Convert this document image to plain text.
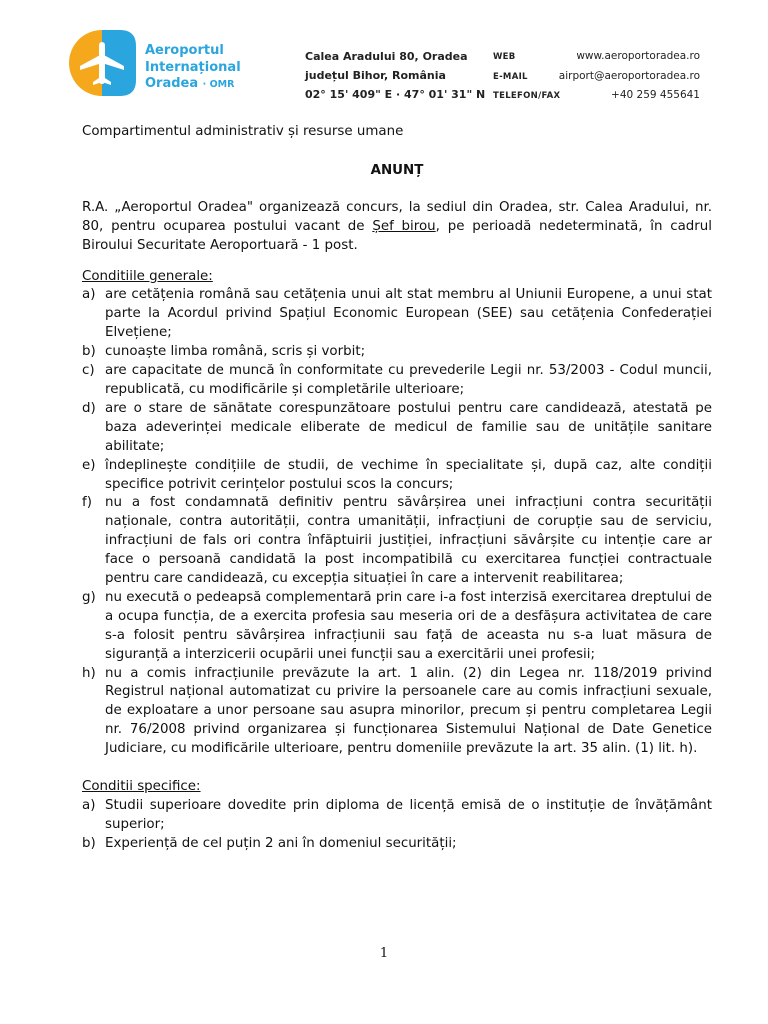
Aeroportul
Internațional
Oradea · OMR
Calea Aradului 80, Oradea
județul Bihor, România
02° 15' 409" E · 47° 01' 31" N
WEB
E-MAIL
TELEFON/FAX
www.aeroportoradea.ro
airport@aeroportoradea.ro
+40 259 455641

Compartimentul administrativ și resurse umane

ANUNȚ

R.A. „Aeroportul Oradea" organizează concurs, la sediul din Oradea, str. Calea Aradului, nr. 80, pentru ocuparea postului vacant de Șef birou, pe perioadă nedeterminată, în cadrul Biroului Securitate Aeroportuară - 1 post.

Conditiile generale:

a) are cetățenia română sau cetățenia unui alt stat membru al Uniunii Europene, a unui stat parte la Acordul privind Spațiul Economic European (SEE) sau cetățenia Confederației Elvețiene;
b) cunoaște limba română, scris și vorbit;
c) are capacitate de muncă în conformitate cu prevederile Legii nr. 53/2003 - Codul muncii, republicată, cu modificările și completările ulterioare;
d) are o stare de sănătate corespunzătoare postului pentru care candidează, atestată pe baza adeverinței medicale eliberate de medicul de familie sau de unitățile sanitare abilitate;
e) îndeplinește condițiile de studii, de vechime în specialitate și, după caz, alte condiții specifice potrivit cerințelor postului scos la concurs;
f) nu a fost condamnată definitiv pentru săvârșirea unei infracțiuni contra securității naționale, contra autorității, contra umanității, infracțiuni de corupție sau de serviciu, infracțiuni de fals ori contra înfăptuirii justiției, infracțiuni săvârșite cu intenție care ar face o persoană candidată la post incompatibilă cu exercitarea funcției contractuale pentru care candidează, cu excepția situației în care a intervenit reabilitarea;
g) nu execută o pedeapsă complementară prin care i-a fost interzisă exercitarea dreptului de a ocupa funcția, de a exercita profesia sau meseria ori de a desfășura activitatea de care s-a folosit pentru săvârșirea infracțiunii sau față de aceasta nu s-a luat măsura de siguranță a interzicerii ocupării unei funcții sau a exercitării unei profesii;
h) nu a comis infracțiunile prevăzute la art. 1 alin. (2) din Legea nr. 118/2019 privind Registrul național automatizat cu privire la persoanele care au comis infracțiuni sexuale, de exploatare a unor persoane sau asupra minorilor, precum și pentru completarea Legii nr. 76/2008 privind organizarea și funcționarea Sistemului Național de Date Genetice Judiciare, cu modificările ulterioare, pentru domeniile prevăzute la art. 35 alin. (1) lit. h).

Conditii specifice:

a) Studii superioare dovedite prin diploma de licență emisă de o instituție de învățământ superior;
b) Experiență de cel puțin 2 ani în domeniul securității;
1
